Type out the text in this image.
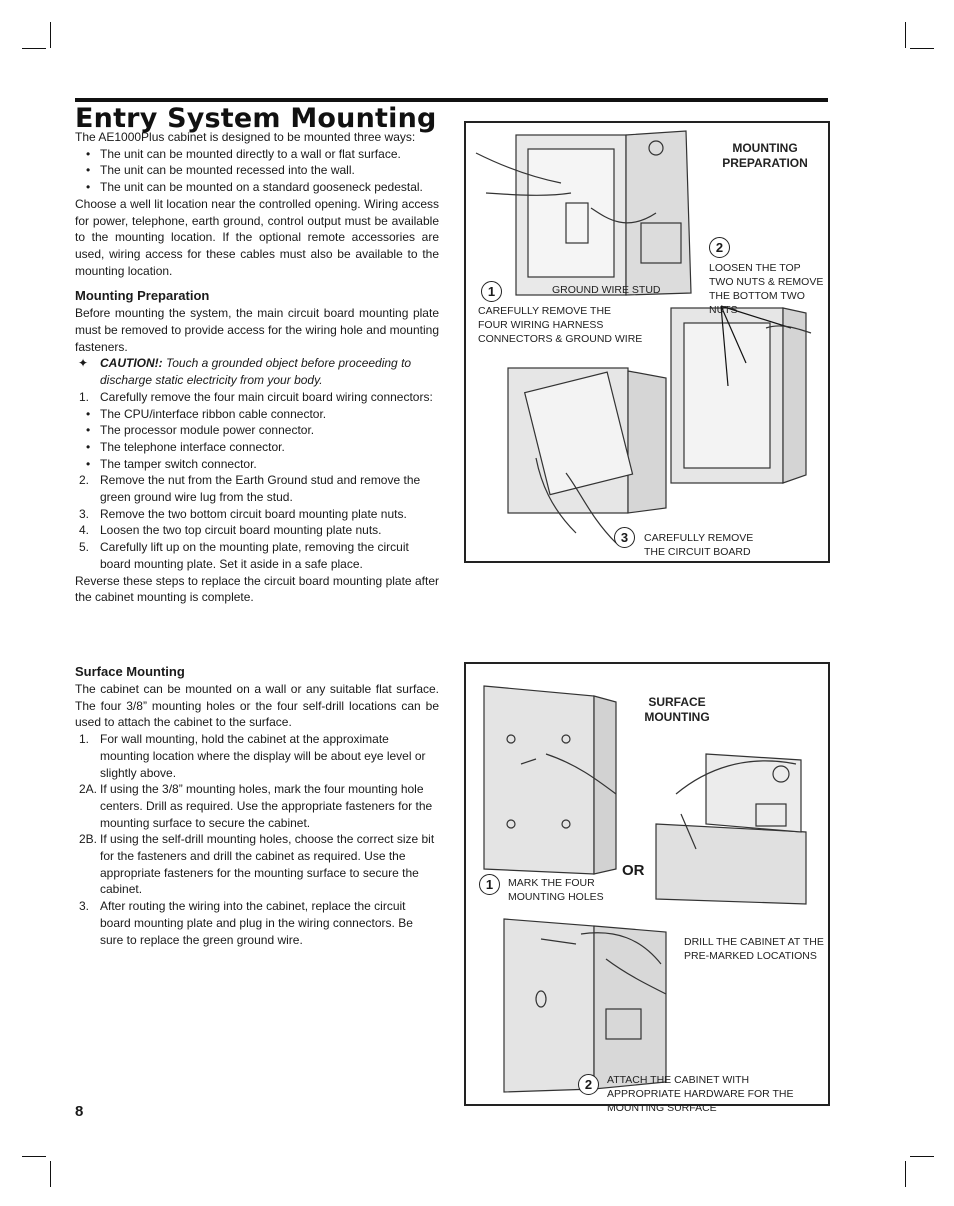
Entry System Mounting

The AE1000Plus cabinet is designed to be mounted three ways:

• The unit can be mounted directly to a wall or flat surface.
• The unit can be mounted recessed into the wall.
• The unit can be mounted on a standard gooseneck pedestal.

Choose a well lit location near the controlled opening. Wiring access for power, telephone, earth ground, control output must be available to the mounting location. If the optional remote accessories are used, wiring access for these cables must also be available to the mounting location.

Mounting Preparation

Before mounting the system, the main circuit board mounting plate must be removed to provide access for the wiring hole and mounting fasteners.

✦ CAUTION!: Touch a grounded object before proceeding to discharge static electricity from your body.
1. Carefully remove the four main circuit board wiring connectors:
• The CPU/interface ribbon cable connector.
• The processor module power connector.
• The telephone interface connector.
• The tamper switch connector.
2. Remove the nut from the Earth Ground stud and remove the green ground wire lug from the stud.
3. Remove the two bottom circuit board mounting plate nuts.
4. Loosen the two top circuit board mounting plate nuts.
5. Carefully lift up on the mounting plate, removing the circuit board mounting plate. Set it aside in a safe place.

Reverse these steps to replace the circuit board mounting plate after the cabinet mounting is complete.

Surface Mounting

The cabinet can be mounted on a wall or any suitable flat surface. The four 3/8” mounting holes or the four self-drill locations can be used to attach the cabinet to the surface.

1. For wall mounting, hold the cabinet at the approximate mounting location where the display will be about eye level or slightly above.
2A. If using the 3/8” mounting holes, mark the four mounting hole centers. Drill as required. Use the appropriate fasteners for the mounting surface to secure the cabinet.
2B. If using the self-drill mounting holes, choose the correct size bit for the fasteners and drill the cabinet as required. Use the appropriate fasteners for the mounting surface to secure the cabinet.
3. After routing the wiring into the cabinet, replace the circuit board mounting plate and plug in the wiring connectors. Be sure to replace the green ground wire.
MOUNTING PREPARATION
GROUND WIRE STUD
1
CAREFULLY REMOVE THE FOUR WIRING HARNESS CONNECTORS & GROUND WIRE
2
LOOSEN THE TOP TWO NUTS & REMOVE THE BOTTOM TWO NUTS
3	CAREFULLY REMOVE THE CIRCUIT BOARD
SURFACE MOUNTING
OR
1	MARK THE FOUR MOUNTING HOLES
DRILL THE CABINET AT THE PRE-MARKED LOCATIONS
2	ATTACH THE CABINET WITH APPROPRIATE HARDWARE FOR THE MOUNTING SURFACE
8
